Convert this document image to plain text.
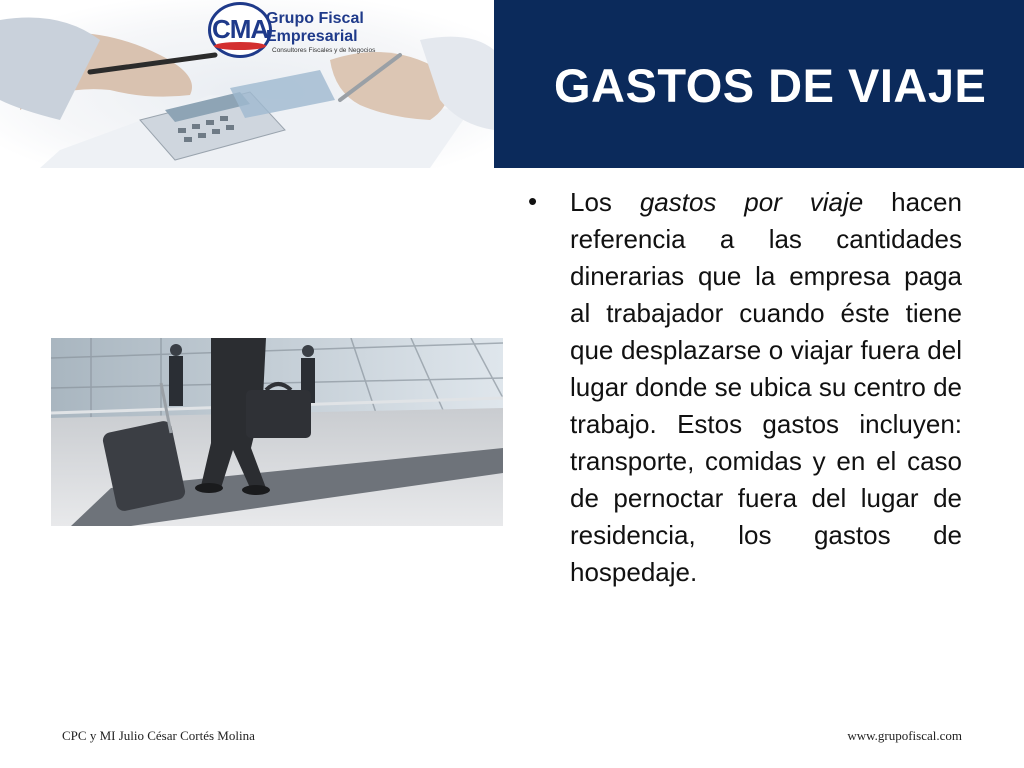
CMA
Grupo Fiscal
Empresarial
Consultores Fiscales y de Negocios
GASTOS DE VIAJE
• Los gastos por viaje hacen referencia a las cantidades dinerarias que la empresa paga al trabajador cuando éste tiene que desplazarse o viajar fuera del lugar donde se ubica su centro de trabajo. Estos gastos incluyen: transporte, comidas y en el caso de pernoctar fuera del lugar de residencia, los gastos de hospedaje.
CPC y MI Julio César Cortés Molina	www.grupofiscal.com
